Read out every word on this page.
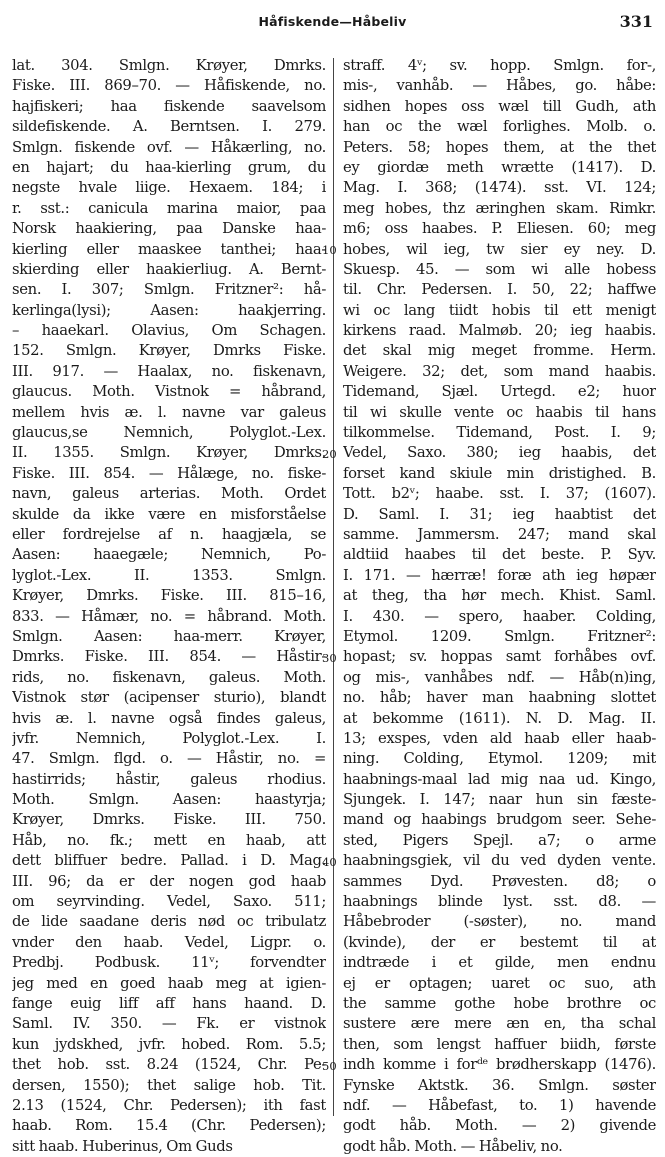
Håfiskende—Håbeliv	331
lat. 304. Smlgn. Krøyer, Dmrks.
Fiske. III. 869–70. — Håfiskende, no.
hajfiskeri; haa fiskende saavelsom
sildefiskende. A. Berntsen. I. 279.
Smlgn. fiskende ovf. — Håkærling, no.
en hajart; du haa-kierling grum, du
negste hvale liige. Hexaem. 184; i
r. sst.: canicula marina maior, paa
Norsk haakiering, paa Danske haa-
kierling eller maaskee tanthei; haa-
skierding eller haakierliug. A. Bernt-
sen. I. 307; Smlgn. Fritzner²: hå-
kerlinga(lysi); Aasen: haakjerring.
– haaekarl. Olavius, Om Schagen.
152. Smlgn. Krøyer, Dmrks Fiske.
III. 917. — Haalax, no. fiskenavn,
glaucus. Moth. Vistnok = håbrand,
mellem hvis æ. l. navne var galeus
glaucus,se Nemnich, Polyglot.-Lex.
II. 1355. Smlgn. Krøyer, Dmrks.
Fiske. III. 854. — Hålæge, no. fiske-
navn, galeus arterias. Moth. Ordet
skulde da ikke være en misforståelse
eller fordrejelse af n. haagjæla, se
Aasen: haaegæle; Nemnich, Po-
lyglot.-Lex. II. 1353. Smlgn.
Krøyer, Dmrks. Fiske. III. 815–16,
833. — Håmær, no. = håbrand. Moth.
Smlgn. Aasen: haa-merr. Krøyer,
Dmrks. Fiske. III. 854. — Håstir-
rids, no. fiskenavn, galeus. Moth.
Vistnok stør (acipenser sturio), blandt
hvis æ. l. navne også findes galeus,
jvfr. Nemnich, Polyglot.-Lex. I.
47. Smlgn. flgd. o. — Håstir, no. =
hastirrids; håstir, galeus rhodius.
Moth. Smlgn. Aasen: haastyrja;
Krøyer, Dmrks. Fiske. III. 750.
Håb, no. fk.; mett en haab, att
dett bliffuer bedre. Pallad. i D. Mag.
III. 96; da er der nogen god haab
om seyrvinding. Vedel, Saxo. 511;
de lide saadane deris nød oc tribulatz
vnder den haab. Vedel, Ligpr. o.
Predbj. Podbusk. 11ᵛ; forvendter
jeg med en goed haab meg at igien-
fange euig liff aff hans haand. D.
Saml. IV. 350. — Fk. er vistnok
kun jydskhed, jvfr. hobed. Rom. 5.5;
thet hob. sst. 8.24 (1524, Chr. Pe-
dersen, 1550); thet salige hob. Tit.
2.13 (1524, Chr. Pedersen); ith fast
haab. Rom. 15.4 (Chr. Pedersen);
sitt haab. Huberinus, Om Guds
10
20
30
40
50
straff. 4ᵛ; sv. hopp. Smlgn. for-,
mis-, vanhåb. — Håbes, go. håbe:
sidhen hopes oss wæl till Gudh, ath
han oc the wæl forlighes. Molb. o.
Peters. 58; hopes them, at the thet
ey giordæ meth wrætte (1417). D.
Mag. I. 368; (1474). sst. VI. 124;
meg hobes, thz æringhen skam. Rimkr.
m6; oss haabes. P. Eliesen. 60; meg
hobes, wil ieg, tw sier ey ney. D.
Skuesp. 45. — som wi alle hobess
til. Chr. Pedersen. I. 50, 22; haffwe
wi oc lang tiidt hobis til ett menigt
kirkens raad. Malmøb. 20; ieg haabis.
det skal mig meget fromme. Herm.
Weigere. 32; det, som mand haabis.
Tidemand, Sjæl. Urtegd. e2; huor
til wi skulle vente oc haabis til hans
tilkommelse. Tidemand, Post. I. 9;
Vedel, Saxo. 380; ieg haabis, det
forset kand skiule min dristighed. B.
Tott. b2ᵛ; haabe. sst. I. 37; (1607).
D. Saml. I. 31; ieg haabtist det
samme. Jammersm. 247; mand skal
aldtiid haabes til det beste. P. Syv.
I. 171. — hærræ! foræ ath ieg høpær
at theg, tha hør mech. Khist. Saml.
I. 430. — spero, haaber. Colding,
Etymol. 1209. Smlgn. Fritzner²:
hopast; sv. hoppas samt forhåbes ovf.
og mis-, vanhåbes ndf. — Håb(n)ing,
no. håb; haver man haabning slottet
at bekomme (1611). N. D. Mag. II.
13; exspes, vden ald haab eller haab-
ning. Colding, Etymol. 1209; mit
haabnings-maal lad mig naa ud. Kingo,
Sjungek. I. 147; naar hun sin fæste-
mand og haabings brudgom seer. Sehe-
sted, Pigers Spejl. a7; o arme
haabningsgiek, vil du ved dyden vente.
sammes Dyd. Prøvesten. d8; o
haabnings blinde lyst. sst. d8. —
Håbebroder (-søster), no. mand
(kvinde), der er bestemt til at
indtræde i et gilde, men endnu
ej er optagen; uaret oc suo, ath
the samme gothe hobe brothre oc
sustere ære mere æn en, tha schal
then, som lengst haffuer biidh, første
indh komme i forᵈᵉ brødherskapp (1476).
Fynske Aktstk. 36. Smlgn. søster
ndf. — Håbefast, to. 1) havende
godt håb. Moth. — 2) givende
godt håb. Moth. — Håbeliv, no.
